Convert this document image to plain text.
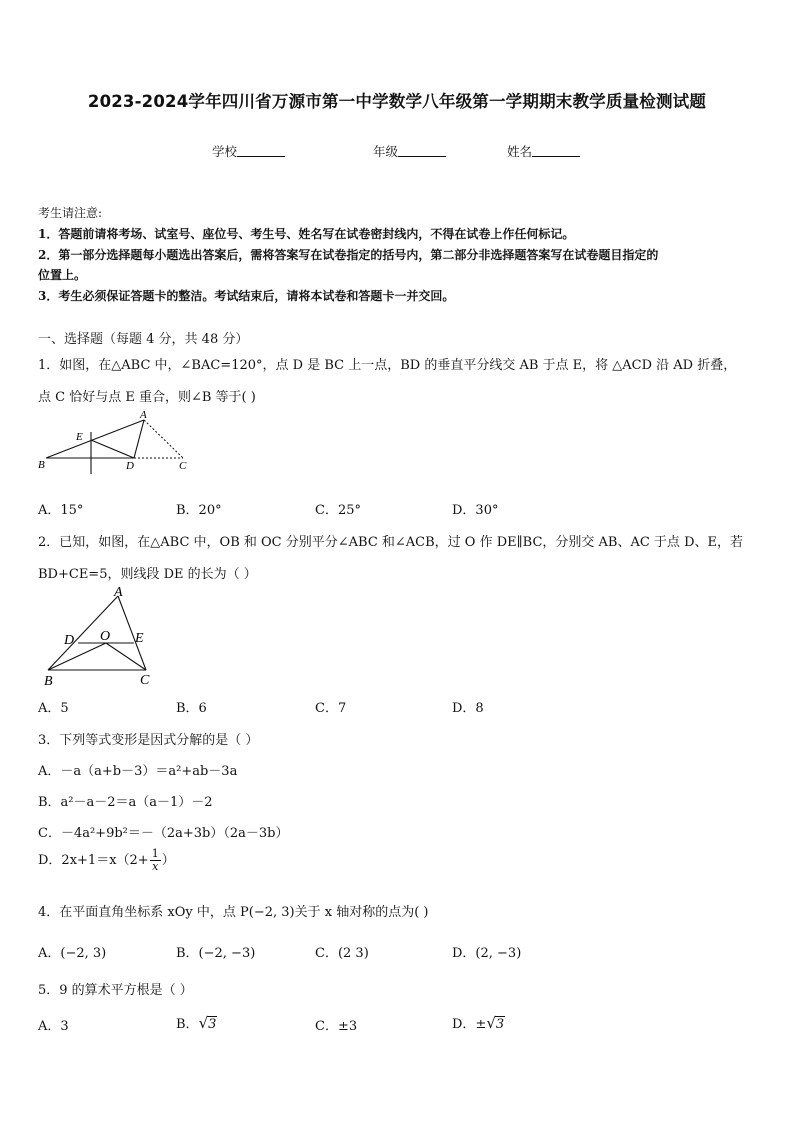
2023-2024学年四川省万源市第一中学数学八年级第一学期期末教学质量检测试题
学校	年级	姓名
考生请注意:
1．答题前请将考场、试室号、座位号、考生号、姓名写在试卷密封线内，不得在试卷上作任何标记。
2．第一部分选择题每小题选出答案后，需将答案写在试卷指定的括号内，第二部分非选择题答案写在试卷题目指定的
位置上。
3．考生必须保证答题卡的整洁。考试结束后，请将本试卷和答题卡一并交回。
一、选择题（每题 4 分，共 48 分）
1．如图，在△ABC 中，∠BAC=120°，点 D 是 BC 上一点，BD 的垂直平分线交 AB 于点 E，将 △ACD 沿 AD 折叠，
点 C 恰好与点 E 重合，则∠B 等于( )
A
E
B	D	C
A．15°	B．20°	C．25°	D．30°
2．已知，如图，在△ABC 中，OB 和 OC 分别平分∠ABC 和∠ACB，过 O 作 DE∥BC，分别交 AB、AC 于点 D、E，若
BD+CE=5，则线段 DE 的长为（ ）
A
D O E
B	C
A．5	B．6	C．7	D．8
3．下列等式变形是因式分解的是（ ）
A．－a（a+b－3）＝a²+ab－3a
B．a²－a－2＝a（a－1）－2
C．－4a²+9b²＝－（2a+3b）（2a－3b）
D．$2x+1=x(2+ \frac{1}{x}$ ）
4．在平面直角坐标系 xOy 中，点 P(−2, 3)关于 x 轴对称的点为( )
A．(−2, 3)	B．(−2, −3)	C．(2 3)	D．(2, −3)
5．9 的算术平方根是（ ）
A．3	B．√3	C．±3	D．±√3
